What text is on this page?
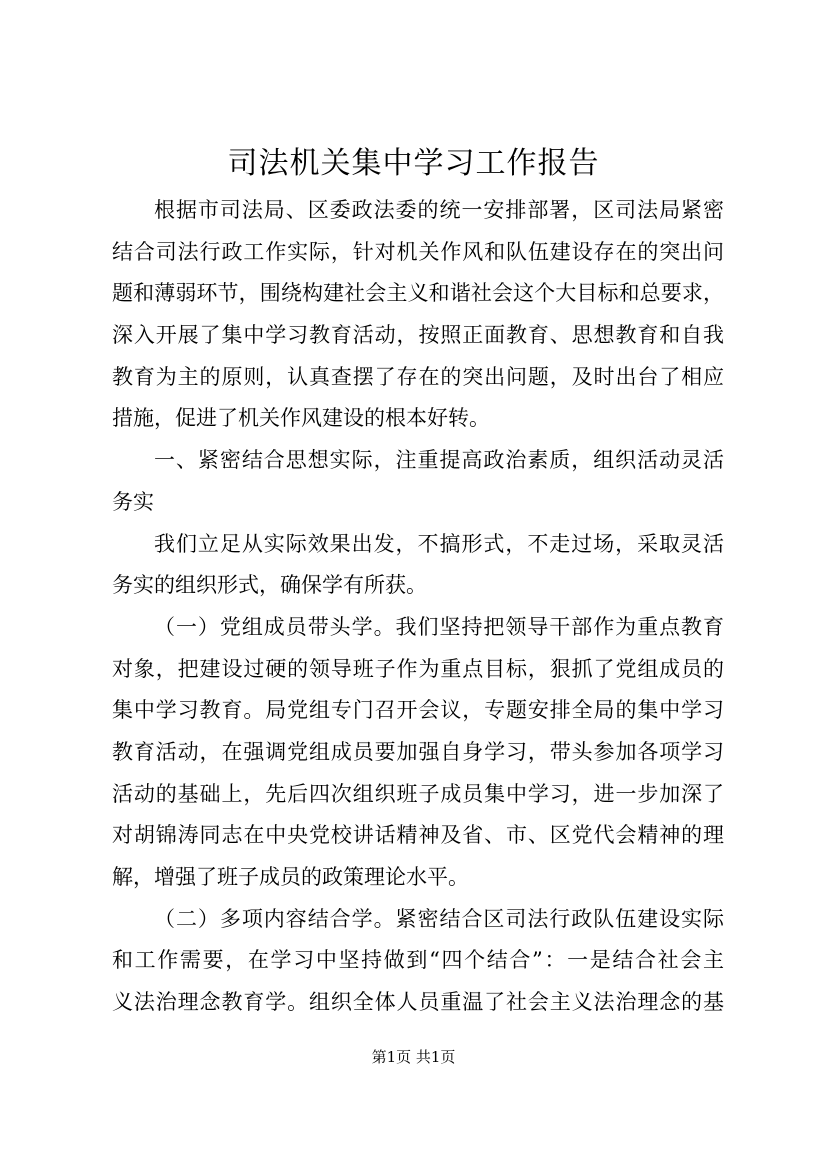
司法机关集中学习工作报告
根据市司法局、区委政法委的统一安排部署，区司法局紧密
结合司法行政工作实际，针对机关作风和队伍建设存在的突出问
题和薄弱环节，围绕构建社会主义和谐社会这个大目标和总要求，
深入开展了集中学习教育活动，按照正面教育、思想教育和自我
教育为主的原则，认真查摆了存在的突出问题，及时出台了相应
措施，促进了机关作风建设的根本好转。
一、紧密结合思想实际，注重提高政治素质，组织活动灵活
务实
我们立足从实际效果出发，不搞形式，不走过场，采取灵活
务实的组织形式，确保学有所获。
（一）党组成员带头学。我们坚持把领导干部作为重点教育
对象，把建设过硬的领导班子作为重点目标，狠抓了党组成员的
集中学习教育。局党组专门召开会议，专题安排全局的集中学习
教育活动，在强调党组成员要加强自身学习，带头参加各项学习
活动的基础上，先后四次组织班子成员集中学习，进一步加深了
对胡锦涛同志在中央党校讲话精神及省、市、区党代会精神的理
解，增强了班子成员的政策理论水平。
（二）多项内容结合学。紧密结合区司法行政队伍建设实际
和工作需要，在学习中坚持做到“四个结合”：一是结合社会主
义法治理念教育学。组织全体人员重温了社会主义法治理念的基
第1页 共1页
